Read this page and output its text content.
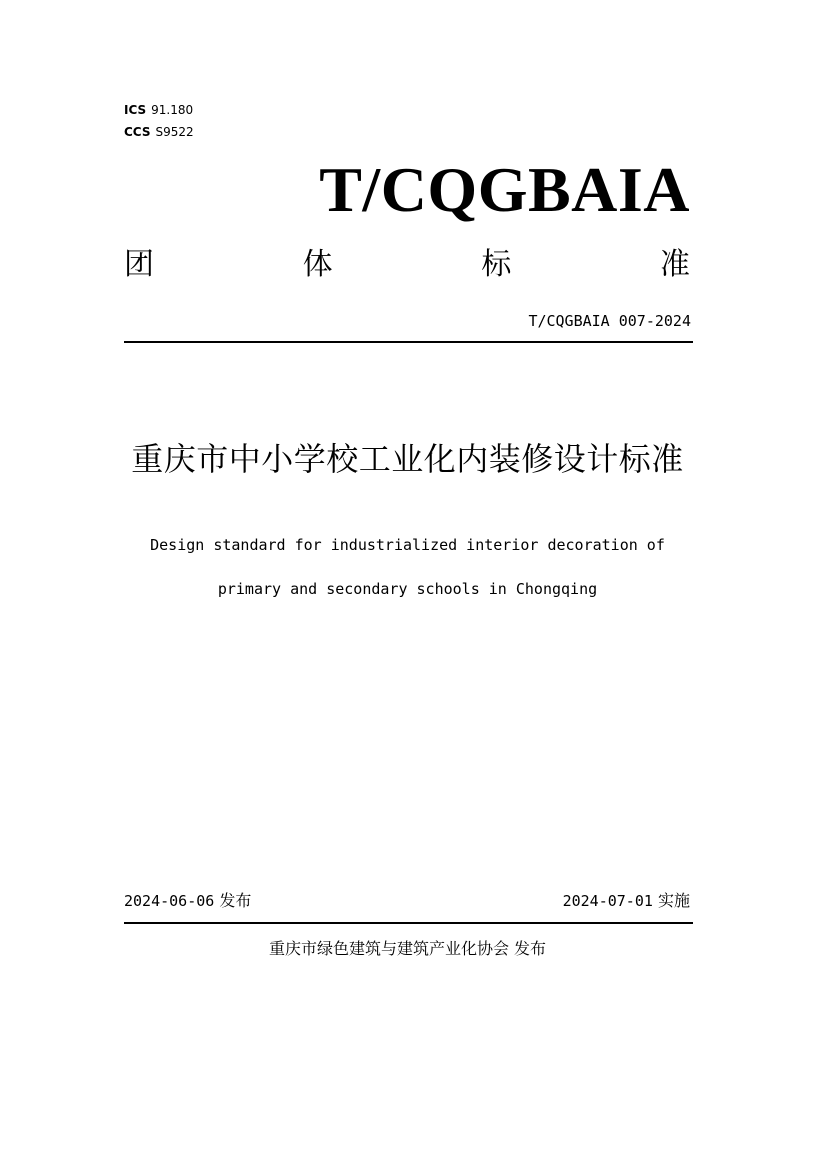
ICS 91.180
CCS S9522
T/CQGBAIA
团	体	标	准
T/CQGBAIA 007-2024
重庆市中小学校工业化内装修设计标准
Design standard for industrialized interior decoration of
primary and secondary schools in Chongqing
2024-06-06 发布	2024-07-01 实施
重庆市绿色建筑与建筑产业化协会 发布
